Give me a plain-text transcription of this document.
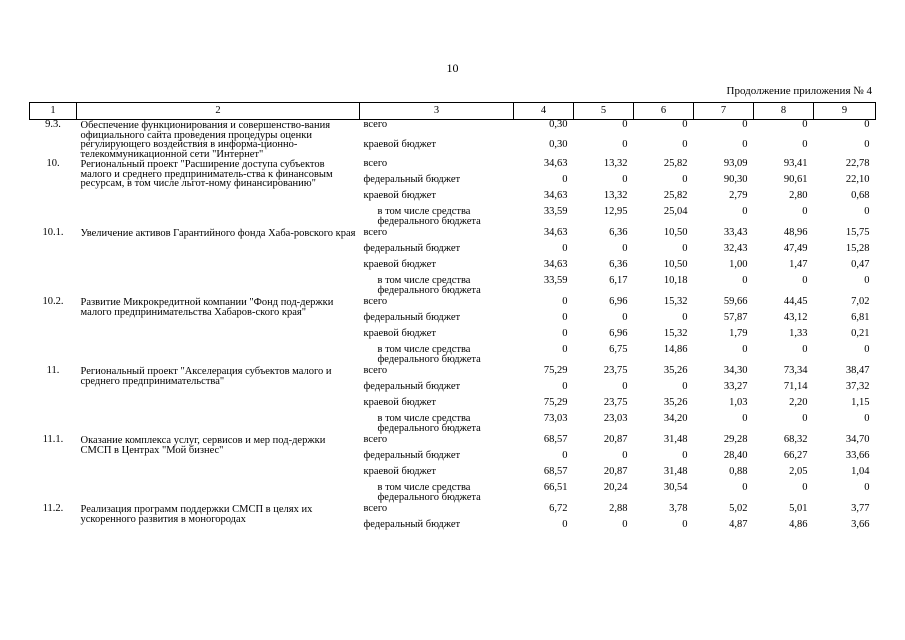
10
Продолжение приложения № 4
1	2	3	4	5	6	7	8	9
9.3.	Обеспечение функционирования и совершенство-вания официального сайта проведения процедуры оценки регулирующего воздействия в информа-ционно-телекоммуникационной сети "Интернет"	всего	0,30	0	0	0	0	0
		краевой бюджет	0,30	0	0	0	0	0
10.	Региональный проект "Расширение доступа субъектов малого и среднего предприниматель-ства к финансовым ресурсам, в том числе льгот-ному финансированию"	всего	34,63	13,32	25,82	93,09	93,41	22,78
		федеральный бюджет	0	0	0	90,30	90,61	22,10
		краевой бюджет	34,63	13,32	25,82	2,79	2,80	0,68
		в том числе средства федерального бюджета	33,59	12,95	25,04	0	0	0
10.1.	Увеличение активов Гарантийного фонда Хаба-ровского края	всего	34,63	6,36	10,50	33,43	48,96	15,75
		федеральный бюджет	0	0	0	32,43	47,49	15,28
		краевой бюджет	34,63	6,36	10,50	1,00	1,47	0,47
		в том числе средства федерального бюджета	33,59	6,17	10,18	0	0	0
10.2.	Развитие Микрокредитной компании "Фонд под-держки малого предпринимательства Хабаров-ского края"	всего	0	6,96	15,32	59,66	44,45	7,02
		федеральный бюджет	0	0	0	57,87	43,12	6,81
		краевой бюджет	0	6,96	15,32	1,79	1,33	0,21
		в том числе средства федерального бюджета	0	6,75	14,86	0	0	0
11.	Региональный проект "Акселерация субъектов малого и среднего предпринимательства"	всего	75,29	23,75	35,26	34,30	73,34	38,47
		федеральный бюджет	0	0	0	33,27	71,14	37,32
		краевой бюджет	75,29	23,75	35,26	1,03	2,20	1,15
		в том числе средства федерального бюджета	73,03	23,03	34,20	0	0	0
11.1.	Оказание комплекса услуг, сервисов и мер под-держки СМСП в Центрах "Мой бизнес"	всего	68,57	20,87	31,48	29,28	68,32	34,70
		федеральный бюджет	0	0	0	28,40	66,27	33,66
		краевой бюджет	68,57	20,87	31,48	0,88	2,05	1,04
		в том числе средства федерального бюджета	66,51	20,24	30,54	0	0	0
11.2.	Реализация программ поддержки СМСП в целях их ускоренного развития в моногородах	всего	6,72	2,88	3,78	5,02	5,01	3,77
		федеральный бюджет	0	0	0	4,87	4,86	3,66
